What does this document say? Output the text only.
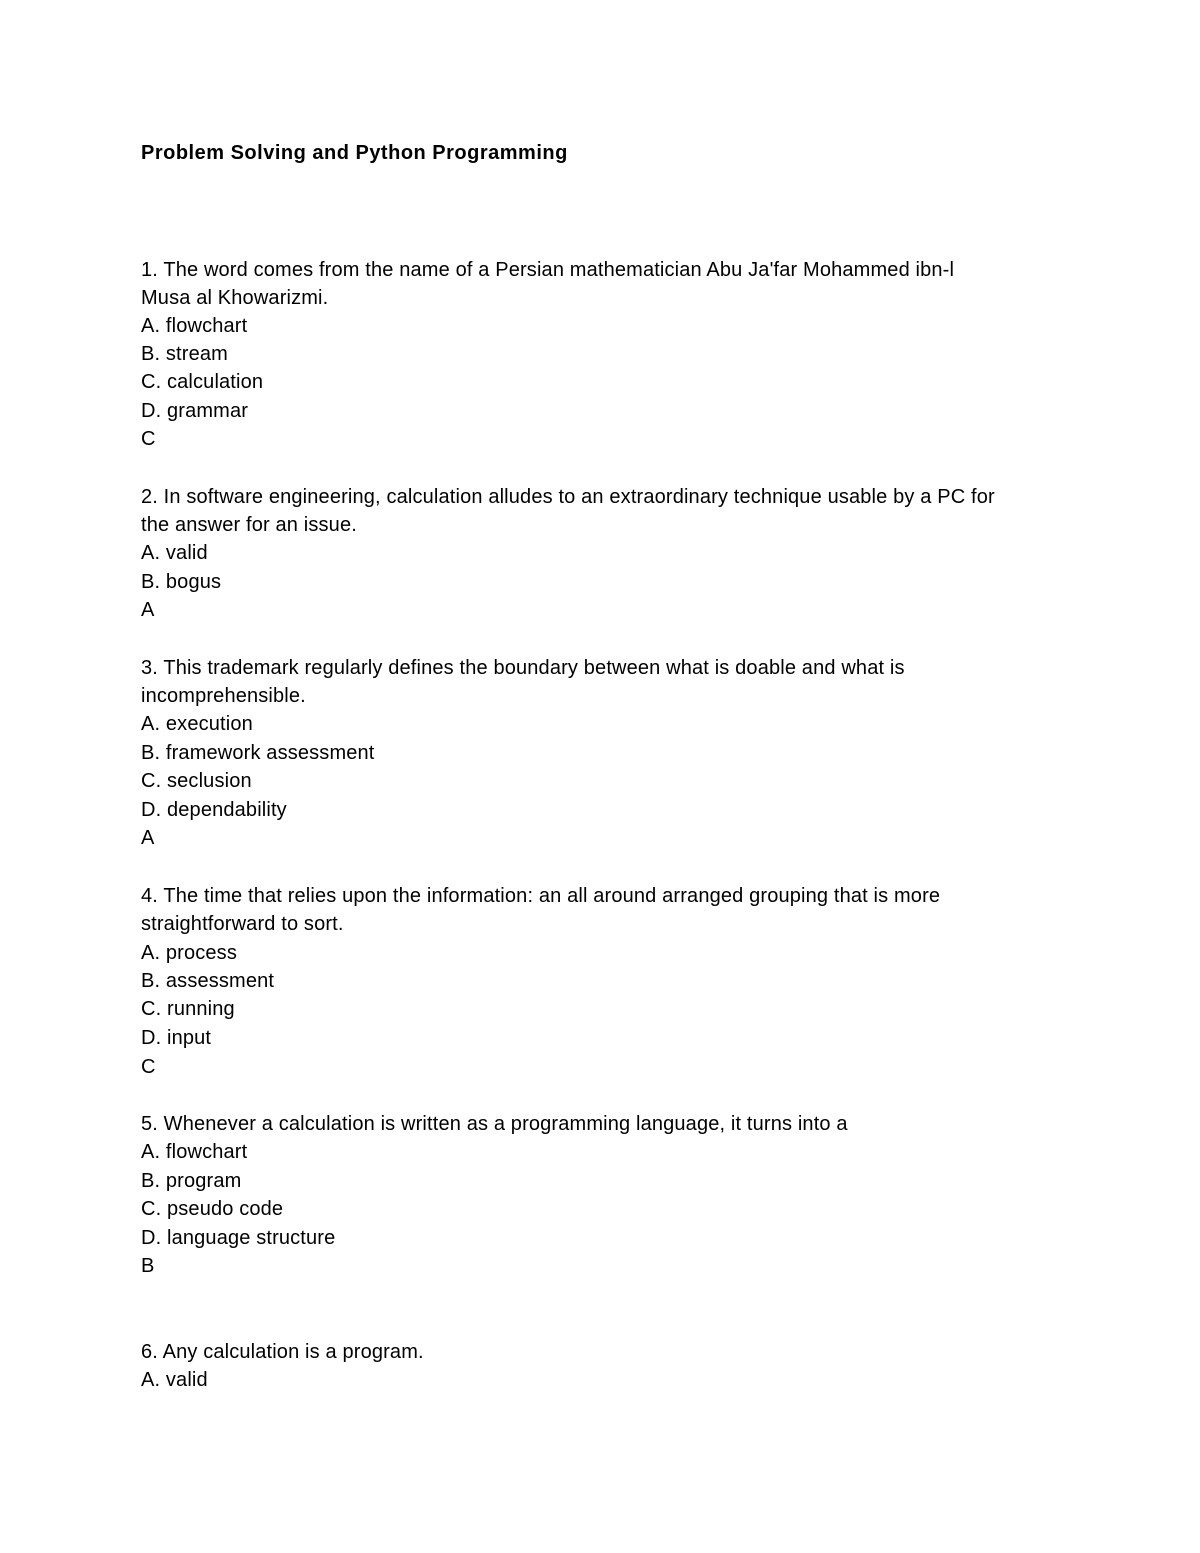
Problem Solving and Python Programming
1. The word comes from the name of a Persian mathematician Abu Ja'far Mohammed ibn-l
Musa al Khowarizmi.
A. flowchart
B. stream
C. calculation
D. grammar
C
2. In software engineering, calculation alludes to an extraordinary technique usable by a PC for
the answer for an issue.
A. valid
B. bogus
A
3. This trademark regularly defines the boundary between what is doable and what is
incomprehensible.
A. execution
B. framework assessment
C. seclusion
D. dependability
A
4. The time that relies upon the information: an all around arranged grouping that is more
straightforward to sort.
A. process
B. assessment
C. running
D. input
C
5. Whenever a calculation is written as a programming language, it turns into a
A. flowchart
B. program
C. pseudo code
D. language structure
B
6. Any calculation is a program.
A. valid
